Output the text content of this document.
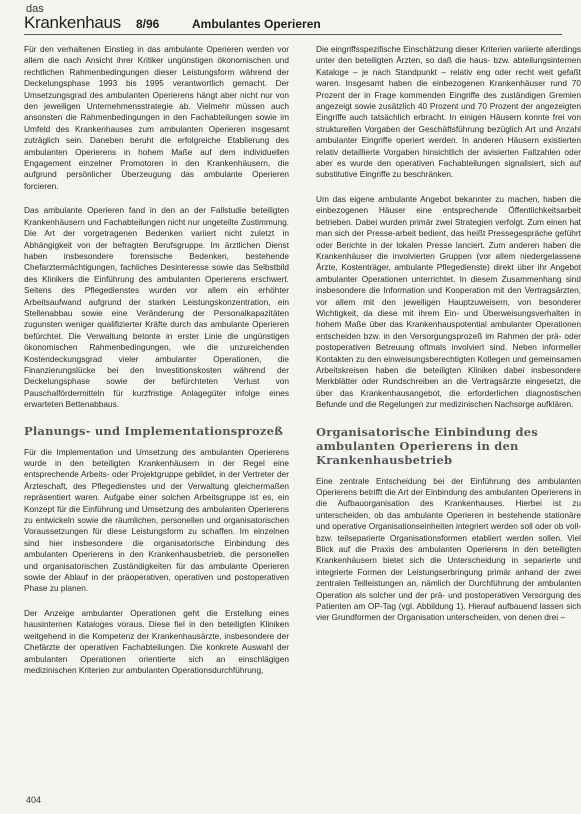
das
Krankenhaus 8/96	Ambulantes Operieren

Für den verhaltenen Einstieg in das ambulante Operieren werden vor allem die nach Ansicht ihrer Kritiker ungünstigen ökonomischen und rechtlichen Rahmenbedingungen dieser Leistungsform während der Deckelungsphase 1993 bis 1995 verantwortlich gemacht. Der Umsetzungsgrad des ambulanten Operierens hängt aber nicht nur von den jeweiligen Unternehmensstrategie ab. Vielmehr müssen auch ansonsten die Rahmenbedingungen in den Fachabteilungen sowie im Umfeld des Krankenhauses zum ambulanten Operieren insgesamt zuträglich sein. Daneben beruht die erfolgreiche Etablierung des ambulanten Operierens in hohem Maße auf dem individuellen Engagement einzelner Promotoren in den Krankenhäusern, die aufgrund persönlicher Überzeugung das ambulante Operieren forcieren.

Das ambulante Operieren fand in den an der Fallstudie beteiligten Krankenhäusern und Fachabteilungen nicht nur ungeteilte Zustimmung. Die Art der vorgetragenen Bedenken variiert nicht zuletzt in Abhängigkeit von der befragten Berufsgruppe. Im ärztlichen Dienst haben insbesondere forensische Bedenken, bestehende Chefarztermächtigungen, fachliches Desinteresse sowie das Selbstbild des Klinikers die Einführung des ambulanten Operierens erschwert. Seitens des Pflegedienstes wurden vor allem ein erhöhter Arbeitsaufwand aufgrund der starken Leistungskonzentration, ein Stellenabbau sowie eine Veränderung der Personalkapazitäten zugunsten weniger qualifizierter Kräfte durch das ambulante Operieren befürchtet. Die Verwaltung betonte in erster Linie die ungünstigen ökonomischen Rahmenbedingungen, wie die unzureichenden Kostendeckungsgrad vieler ambulanter Operationen, die Finanzierungslücke bei den Investitionskosten während der Deckelungsphase sowie der befürchteten Verlust von Pauschalfördermitteln für kurzfristige Anlagegüter infolge eines erwarteten Bettenabbaus.

Planungs- und Implementationsprozeß

Für die Implementation und Umsetzung des ambulanten Operierens wurde in den beteiligten Krankenhäusern in der Regel eine entsprechende Arbeits- oder Projektgruppe gebildet, in der Vertreter der Ärzteschaft, des Pflegedienstes und der Verwaltung gleichermaßen repräsentiert waren. Aufgabe einer solchen Arbeitsgruppe ist es, ein Konzept für die Einführung und Umsetzung des ambulanten Operierens zu entwickeln sowie die räumlichen, personellen und organisatorischen Voraussetzungen für diese Leistungsform zu schaffen. Im einzelnen sind hier insbesondere die organisatorische Einbindung des ambulanten Operierens in den Krankenhausbetrieb, die personellen und organisatorischen Zuständigkeiten für das ambulante Operieren sowie der Ablauf in der präoperativen, operativen und postoperativen Phase zu planen.

Der Anzeige ambulanter Operationen geht die Erstellung eines hausinternen Kataloges voraus. Diese fiel in den beteiligten Kliniken weitgehend in die Kompetenz der Krankenhausärzte, insbesondere der Chefärzte der operativen Fachabteilungen. Die konkrete Auswahl der ambulanten Operationen orientierte sich an einschlägigen medizinischen Kriterien zur ambulanten Operationsdurchführung,

Die eingriffsspezifische Einschätzung dieser Kriterien variierte allerdings unter den beteiligten Ärzten, so daß die haus- bzw. abteilungsinternen Kataloge – je nach Standpunkt – relativ eng oder recht weit gefaßt waren. Insgesamt haben die einbezogenen Krankenhäuser rund 70 Prozent der in Frage kommenden Eingriffe des zuständigen Gremien angezeigt sowie zusätzlich 40 Prozent und 70 Prozent der angezeigten Eingriffe auch tatsächlich erbracht. In einigen Häusern konnte frei von strukturellen Vorgaben der Geschäftsführung bezüglich Art und Anzahl ambulanter Eingriffe operiert werden. In anderen Häusern existierten relativ detaillierte Vorgaben hinsichtlich der avisierten Fallzahlen oder aber es wurde den operativen Fachabteilungen signalisiert, sich auf substitutive Eingriffe zu beschränken.

Um das eigene ambulante Angebot bekannter zu machen, haben die einbezogenen Häuser eine entsprechende Öffentlichkeitsarbeit betrieben. Dabei wurden primär zwei Strategien verfolgt. Zum einen hat man sich der Presse-arbeit bedient, das heißt Pressegespräche geführt oder Berichte in der lokalen Presse lanciert. Zum anderen haben die Krankenhäuser die involvierten Gruppen (vor allem niedergelassene Ärzte, Kostenträger, ambulante Pflegedienste) direkt über ihr Angebot ambulanter Operationen unterrichtet. In diesem Zusammenhang sind insbesondere die Information und Kooperation mit den Vertragsärzten, vor allem mit den jeweiligen Hauptzuweisern, von besonderer Wichtigkeit, da diese mit ihrem Ein- und Überweisungsverhalten in hohem Maße über das Krankenhauspotential ambulanter Operationen entscheiden bzw. in den Versorgungsprozeß im Rahmen der prä- oder postoperativen Betreuung oftmals involviert sind. Neben informeller Kontakten zu den einweisungsberechtigten Kollegen und gemeinsamen Arbeitskreisen haben die beteiligten Kliniken dabei insbesondere Merkblätter oder Rundschreiben an die Vertragsärzte eingesetzt, die über das Krankenhausangebot, die erforderlichen diagnostischen Befunde und die Regelungen zur medizinischen Nachsorge aufklären.

Organisatorische Einbindung des ambulanten Operierens in den Krankenhausbetrieb

Eine zentrale Entscheidung bei der Einführung des ambulanten Operierens betrifft die Art der Einbindung des ambulanten Operierens in die Aufbauorganisation des Krankenhauses. Hierbei ist zu unterscheiden, ob das ambulante Operieren in bestehende stationäre und operative Organisationseinheiten integriert werden soll oder ob voll- bzw. teilseparierte Organisationsformen etabliert werden sollen. Viel Blick auf die Praxis des ambulanten Operierens in den beteiligten Krankenhäusern bietet sich die Unterscheidung in separierte und integrierte Formen der Leistungserbringung primär anhand der zwei zentralen Teilleistungen an, nämlich der Durchführung der ambulanten Operation als solcher und der prä- und postoperativen Versorgung des Patienten am OP-Tag (vgl. Abbildung 1). Hierauf aufbauend lassen sich vier Grundformen der Organisation unterscheiden, von denen drei –

404
